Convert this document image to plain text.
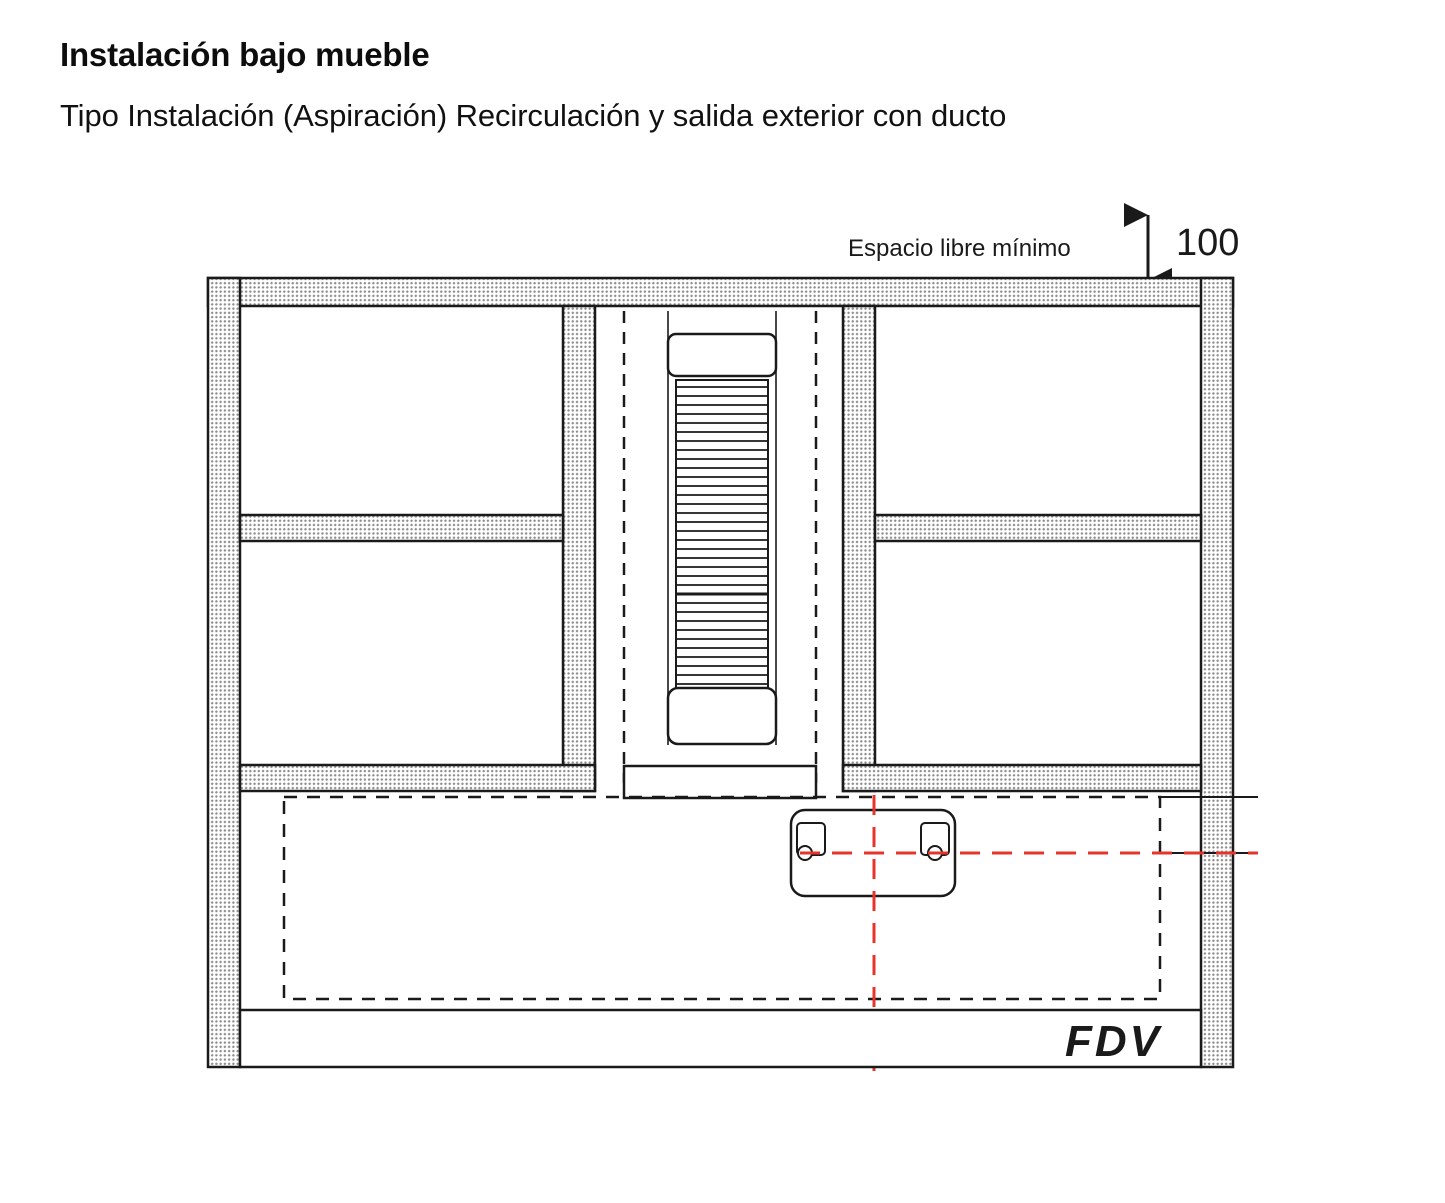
Instalación bajo mueble
Tipo Instalación (Aspiración) Recirculación y salida exterior con ducto
FDV
Espacio libre mínimo	100
